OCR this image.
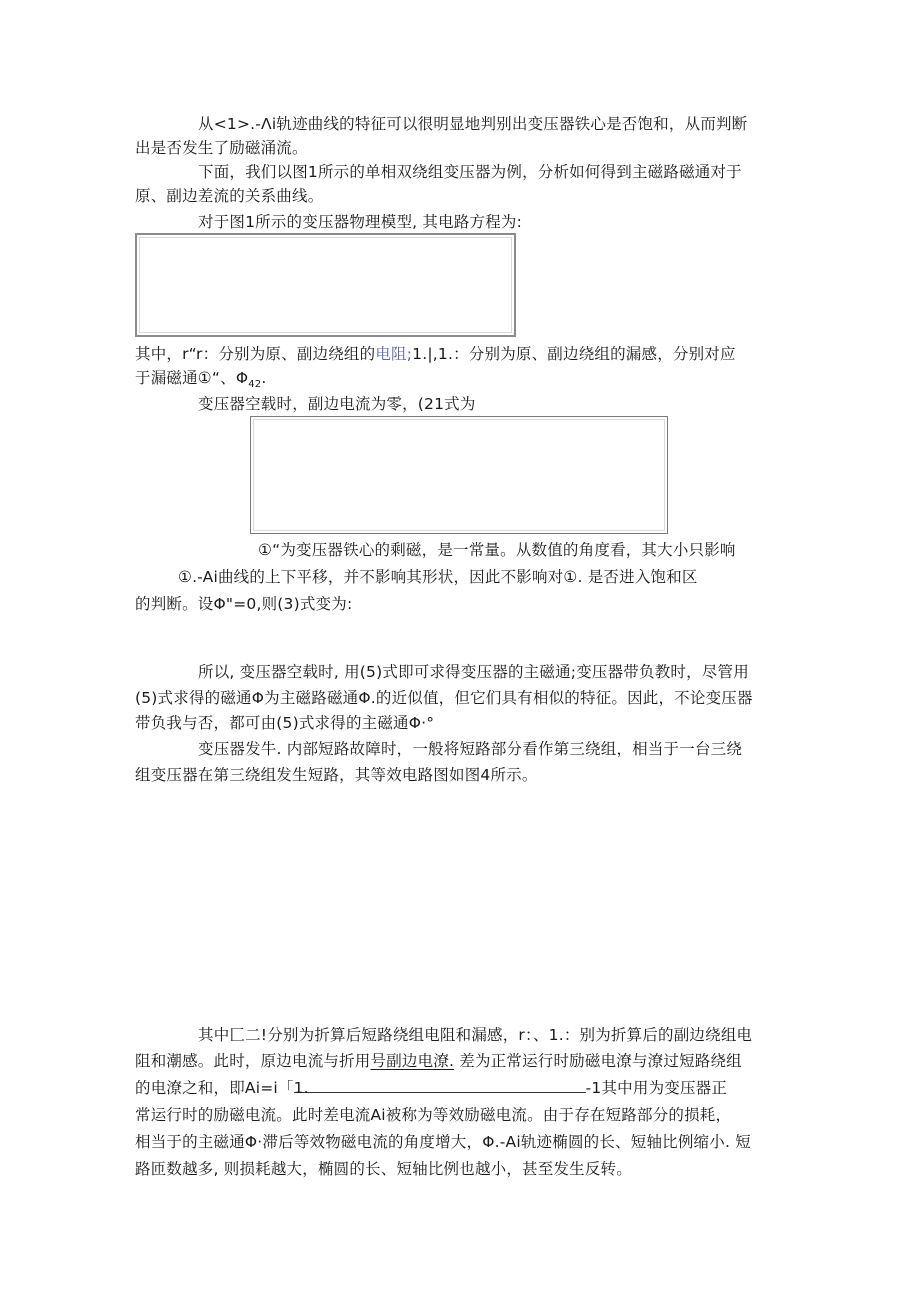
从<1>.-Λi轨迹曲线的特征可以很明显地判别出变压器铁心是否饱和，从而判断
出是否发生了励磁涌流。
下面，我们以图1所示的单相双绕组变压器为例，分析如何得到主磁路磁通对于
原、副边差流的关系曲线。
对于图1所示的变压器物理模型, 其电路方程为:
其中，r“r：分别为原、副边绕组的电阻;1.|,1.：分别为原、副边绕组的漏感，分别对应
于漏磁通①“、$\Phi_{42}$.
变压器空载时，副边电流为零，(21式为
①“为变压器铁心的剩磁，是一常量。从数值的角度看，其大小只影响
①.-Ai曲线的上下平移，并不影响其形状，因此不影响对①. 是否进入饱和区
的判断。设Φ"=0,则(3)式变为:
所以, 变压器空载时, 用(5)式即可求得变压器的主磁通;变压器带负教时，尽管用
(5)式求得的磁通Φ为主磁路磁通Φ.的近似值，但它们具有相似的特征。因此，不论变压器
带负我与否，都可由(5)式求得的主磁通Φ·°
变压器发牛. 内部短路故障时，一般将短路部分看作第三绕组，相当于一台三绕
组变压器在第三绕组发生短路，其等效电路图如图4所示。
其中匚二!分别为折算后短路绕组电阻和漏感，r：、1.：别为折算后的副边绕组电
阻和潮感。此时，原边电流与折用号副边电潦. 差为正常运行时励磁电潦与潦过短路绕组
的电潦之和，即Ai=i「1.	-1其中用为变压器正
常运行时的励磁电流。此时差电流Ai被称为等效励磁电流。由于存在短路部分的损耗，
相当于的主磁通Φ·滞后等效物磁电流的角度增大，Φ.-Ai轨迹椭圆的长、短轴比例缩小. 短
路匝数越多, 则损耗越大，椭圆的长、短轴比例也越小，甚至发生反转。
